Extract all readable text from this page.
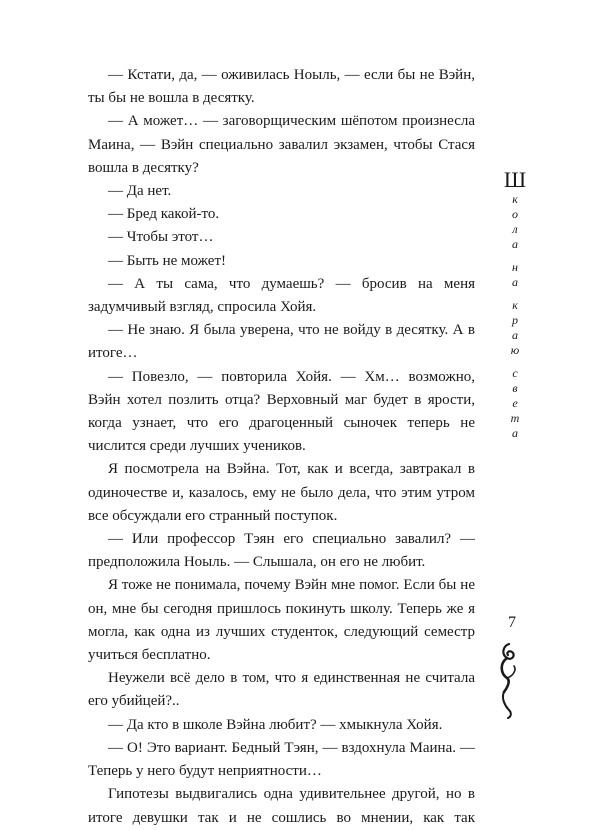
— Кстати, да, — оживилась Ноыль, — если бы не Вэйн, ты бы не вошла в десятку.

— А может… — заговорщическим шёпотом произнесла Маина, — Вэйн специально завалил экзамен, чтобы Стася вошла в десятку?

— Да нет.

— Бред какой-то.

— Чтобы этот…

— Быть не может!

— А ты сама, что думаешь? — бросив на меня задумчивый взгляд, спросила Хойя.

— Не знаю. Я была уверена, что не войду в десятку. А в итоге…

— Повезло, — повторила Хойя. — Хм… возможно, Вэйн хотел позлить отца? Верховный маг будет в ярости, когда узнает, что его драгоценный сыночек теперь не числится среди лучших учеников.

Я посмотрела на Вэйна. Тот, как и всегда, завтракал в одиночестве и, казалось, ему не было дела, что этим утром все обсуждали его странный поступок.

— Или профессор Тэян его специально завалил? — предположила Ноыль. — Слышала, он его не любит.

Я тоже не понимала, почему Вэйн мне помог. Если бы не он, мне бы сегодня пришлось покинуть школу. Теперь же я могла, как одна из лучших студенток, следующий семестр учиться бесплатно.

Неужели всё дело в том, что я единственная не считала его убийцей?..

— Да кто в школе Вэйна любит? — хмыкнула Хойя.

— О! Это вариант. Бедный Тэян, — вздохнула Маина. — Теперь у него будут неприятности…

Гипотезы выдвигались одна удивительнее другой, но в итоге девушки так и не сошлись во мнении, как так

Ш
к
о
л
а
н
а
к
р
а
ю
с
в
е
т
а
7
